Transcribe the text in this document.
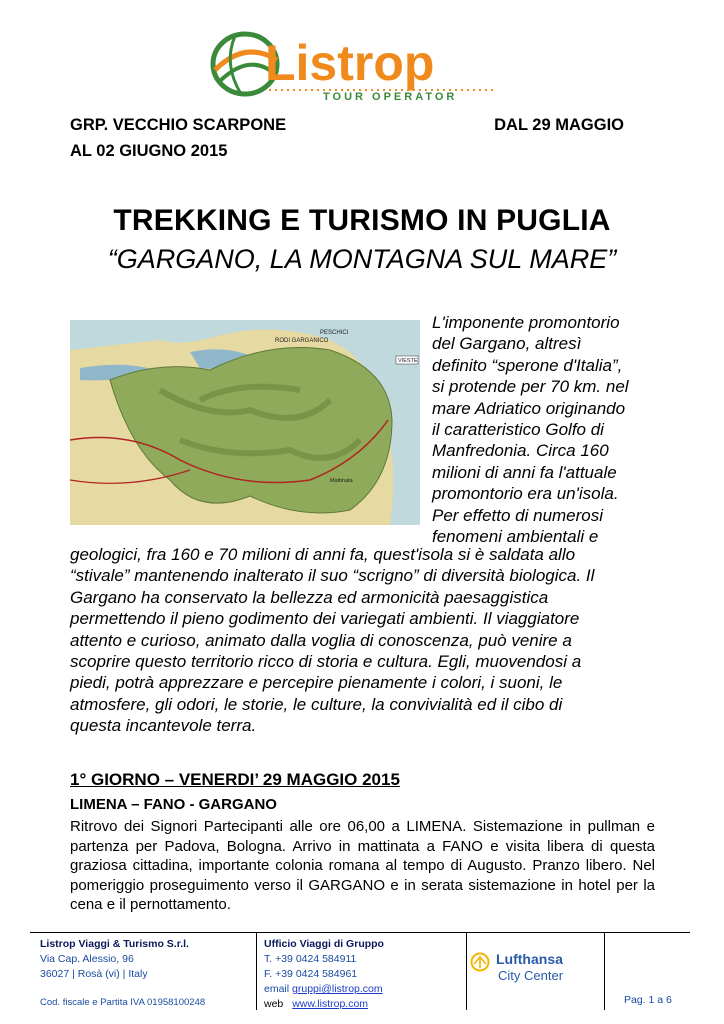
Listrop
TOUR OPERATOR
GRP. VECCHIO SCARPONE	DAL 29 MAGGIO
AL 02 GIUGNO 2015
TREKKING E TURISMO IN PUGLIA
“GARGANO, LA MONTAGNA SUL MARE”
PESCHICI
RODI GARGANICO
VIESTE
Mattinata
L'imponente promontorio
del Gargano, altresì
definito “sperone d'Italia”,
si protende per 70 km. nel
mare Adriatico originando
il caratteristico Golfo di
Manfredonia. Circa 160
milioni di anni fa l'attuale
promontorio era un'isola.
Per effetto di numerosi
fenomeni ambientali e
geologici, fra 160 e 70 milioni di anni fa, quest'isola si è saldata allo
“stivale” mantenendo inalterato il suo “scrigno” di diversità biologica. Il
Gargano ha conservato la bellezza ed armonicità paesaggistica
permettendo il pieno godimento dei variegati ambienti. Il viaggiatore
attento e curioso, animato dalla voglia di conoscenza, può venire a
scoprire questo territorio ricco di storia e cultura. Egli, muovendosi a
piedi, potrà apprezzare e percepire pienamente i colori, i suoni, le
atmosfere, gli odori, le storie, le culture, la convivialità ed il cibo di
questa incantevole terra.
1° GIORNO – VENERDI’ 29 MAGGIO 2015
LIMENA – FANO - GARGANO
Ritrovo dei Signori Partecipanti alle ore 06,00 a LIMENA. Sistemazione in pullman e partenza per Padova, Bologna. Arrivo in mattinata a FANO e visita libera di questa graziosa cittadina, importante colonia romana al tempo di Augusto. Pranzo libero. Nel pomeriggio proseguimento verso il GARGANO e in serata sistemazione in hotel per la cena e il pernottamento.
Listrop Viaggi & Turismo S.r.l.
Via Cap. Alessio, 96
36027 | Rosà (vi) | Italy
Cod. fiscale e Partita IVA 01958100248
Ufficio Viaggi di Gruppo
T. +39 0424 584911
F. +39 0424 584961
email gruppi@listrop.com
web www.listrop.com
Lufthansa
City Center
Pag. 1 a 6
